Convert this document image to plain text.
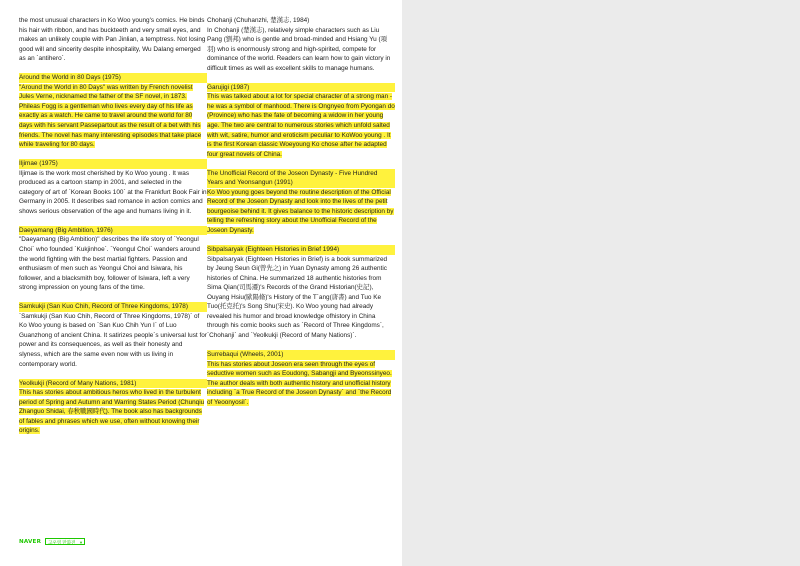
the most unusual characters in Ko Woo young's comics. He binds his hair with ribbon, and has buckteeth and very small eyes, and makes an unlikely couple with Pan Jinlian, a temptress. Not losing good will and sincerity despite inhospitality, Wu Dalang emerged as an `antihero`.

Around the World in 80 Days (1975)
"Around the World in 80 Days" was written by French novelist Jules Verne, nicknamed the father of the SF novel, in 1873. Phileas Fogg is a gentleman who lives every day of his life as exactly as a watch. He came to travel around the world for 80 days with his servant Passepartout as the result of a bet with his friends. The novel has many interesting episodes that take place while traveling for 80 days.

Iljimae (1975)
Iljimae is the work most cherished by Ko Woo young . It was produced as a cartoon stamp in 2001, and selected in the category of art of `Korean Books 100` at the Frankfurt Book Fair in Germany in 2005. It describes sad romance in action comics and shows serious observation of the age and humans living in it.

Daeyamang (Big Ambition, 1976)
"Daeyamang (Big Ambition)" describes the life story of `Yeongul Choi` who founded `Kukjinhoe`. `Yeongul Choi` wanders around the world fighting with the best martial fighters. Passion and enthusiasm of men such as Yeongui Choi and Isiwara, his follower, and a blacksmith boy, follower of Isiwara, left a very strong impression on young fans of the time.

Samkukji (San Kuo Chih, Record of Three Kingdoms, 1978)
`Samkukji (San Kuo Chih, Record of Three Kingdoms, 1978)` of Ko Woo young is based on `San Kuo Chih Yun I` of Luo Guanzhong of ancient China. It satirizes people`s universal lust for power and its consequences, as well as their honesty and slyness, which are the same even now with us living in contemporary world.

Yeolkukji (Record of Many Nations, 1981)
This has stories about ambitious heros who lived in the turbulent period of Spring and Autumn and Warring States Period (Chunqiu Zhanguo Shidai, 春秋戰國時代). The book also has backgrounds of fables and phrases which we use, often without knowing their origins.

Chohanji (Chuhanzhi, 楚漢志, 1984)
In Chohanji (楚漢志), relatively simple characters such as Liu Pang (劉邦) who is gentle and broad-minded and Hsiang Yu (項羽) who is enormously strong and high-spirited, compete for dominance of the world. Readers can learn how to gain victory in difficult times as well as excellent skills to manage humans.

Garujigi (1987)
This was talked about a lot for special character of a strong man - he was a symbol of manhood. There is Ongnyeo from Pyongan do (Province) who has the fate of becoming a widow in her young age. The two are central to numerous stories which unfold salted with wit, satire, humor and eroticism peculiar to KoWoo young . It is the first Korean classic Woeyoung Ko chose after he adapted four great novels of China.

The Unofficial Record of the Joseon Dynasty - Five Hundred Years and Yeonsangun (1991)
Ko Woo young goes beyond the routine description of the Official Record of the Joseon Dynasty and look into the lives of the petit bourgeoise behind it. It gives balance to the historic description by telling the refreshing story about the Unofficial Record of the Joseon Dynasty.

Sibpalsaryak (Eighteen Histories in Brief 1994)
Sibpalsaryak (Eighteen Histories in Brief) is a book summarized by Jeung Seun Gi(曾先之) in Yuan Dynasty among 26 authentic histories of China. He summarized 18 authentic histories from Sima Qian(司馬遷)'s Records of the Grand Historian(史記), Ouyang Hsiu(歐陽脩)'s History of the T`ang(唐書) and Tuo Ke Tuo(托克托)'s Song Shu(宋史). Ko Woo young had already revealed his humor and broad knowledge ofhistory in China through his comic books such as `Record of Three Kingdoms`, `Chohanji` and `Yeolkukji (Record of Many Nations)`.

Surrebaqui (Wheels, 2001)
This has stories about Joseon era seen through the eyes of seductive women such as Eoudong, Sabangji and Byeonssinyeo. The author deals with both authentic history and unofficial history including `a True Record of the Joseon Dynasty` and `the Record of Yeoonyosil`.

NAVER	고우영 만화전 ▾
